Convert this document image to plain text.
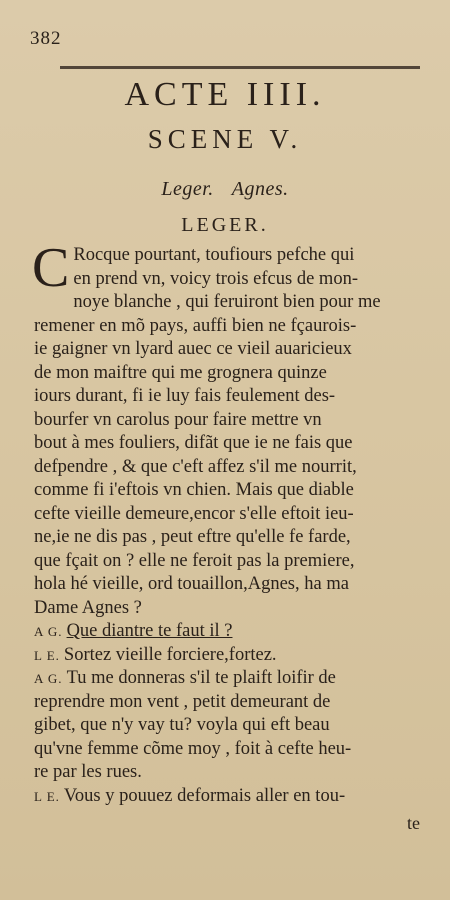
382
ACTE IIII.
SCENE V.
Leger. Agnes.
LEGER.
C Rocque pourtant, toufiours pefche qui
en prend vn, voicy trois efcus de mon-
noye blanche , qui feruiront bien pour me
remener en mõ pays, auffi bien ne fçaurois-
ie gaigner vn lyard auec ce vieil auaricieux
de mon maiftre qui me grognera quinze
iours durant, fi ie luy fais feulement des-
bourfer vn carolus pour faire mettre vn
bout à mes fouliers, difãt que ie ne fais que
defpendre , & que c'eft affez s'il me nourrit,
comme fi i'eftois vn chien. Mais que diable
cefte vieille demeure,encor s'elle eftoit ieu-
ne,ie ne dis pas , peut eftre qu'elle fe farde,
que fçait on ? elle ne feroit pas la premiere,
hola hé vieille, ord touaillon,Agnes, ha ma
Dame Agnes ?
A G. Que diantre te faut il ?
L E. Sortez vieille forciere,fortez.
A G. Tu me donneras s'il te plaift loifir de
reprendre mon vent , petit demeurant de
gibet, que n'y vay tu? voyla qui eft beau
qu'vne femme cõme moy , foit à cefte heu-
re par les rues.
L E. Vous y pouuez deformais aller en tou-
te
